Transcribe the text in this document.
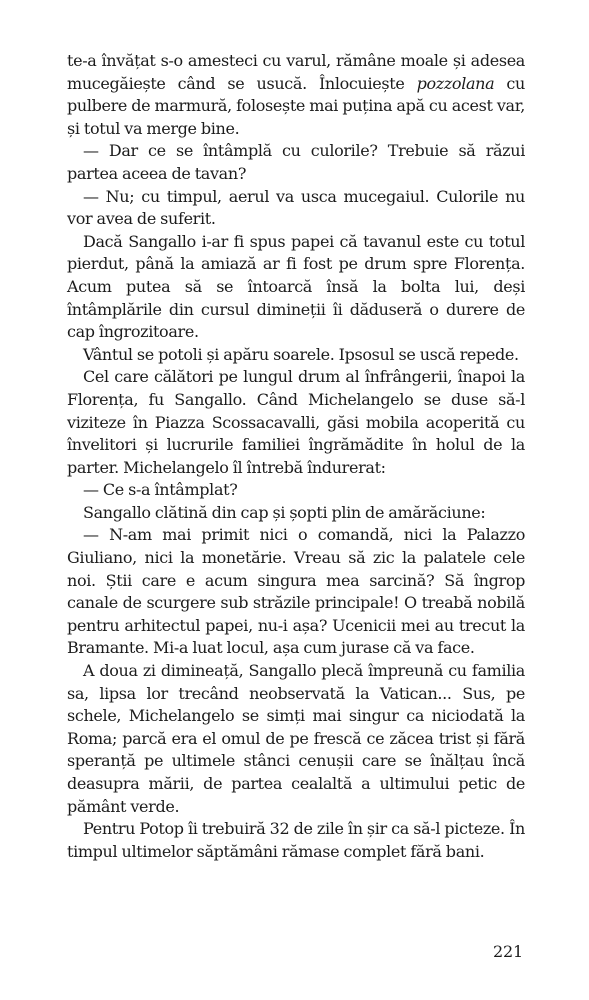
te-a învățat s-o amesteci cu varul, rămâne moale și adesea mucegăiește când se usucă. Înlocuiește pozzolana cu pulbere de marmură, folosește mai puțina apă cu acest var, și totul va merge bine.

— Dar ce se întâmplă cu culorile? Trebuie să răzui partea aceea de tavan?

— Nu; cu timpul, aerul va usca mucegaiul. Culorile nu vor avea de suferit.

Dacă Sangallo i-ar fi spus papei că tavanul este cu totul pierdut, până la amiază ar fi fost pe drum spre Florența. Acum putea să se întoarcă însă la bolta lui, deși întâmplările din cursul dimineții îi dăduseră o durere de cap îngrozitoare.

Vântul se potoli și apăru soarele. Ipsosul se uscă repede.

Cel care călători pe lungul drum al înfrângerii, înapoi la Florența, fu Sangallo. Când Michelangelo se duse să-l viziteze în Piazza Scossacavalli, găsi mobila acoperită cu învelitori și lucrurile familiei îngrămădite în holul de la parter. Michelangelo îl întrebă îndurerat:

— Ce s-a întâmplat?

Sangallo clătină din cap și șopti plin de amărăciune:

— N-am mai primit nici o comandă, nici la Palazzo Giuliano, nici la monetărie. Vreau să zic la palatele cele noi. Știi care e acum singura mea sarcină? Să îngrop canale de scurgere sub străzile principale! O treabă nobilă pentru arhitectul papei, nu-i așa? Ucenicii mei au trecut la Bramante. Mi-a luat locul, așa cum jurase că va face.

A doua zi dimineață, Sangallo plecă împreună cu familia sa, lipsa lor trecând neobservată la Vatican... Sus, pe schele, Michelangelo se simți mai singur ca niciodată la Roma; parcă era el omul de pe frescă ce zăcea trist și fără speranță pe ultimele stânci cenușii care se înălțau încă deasupra mării, de partea cealaltă a ultimului petic de pământ verde.

Pentru Potop îi trebuiră 32 de zile în șir ca să-l picteze. În timpul ultimelor săptămâni rămase complet fără bani.

221
